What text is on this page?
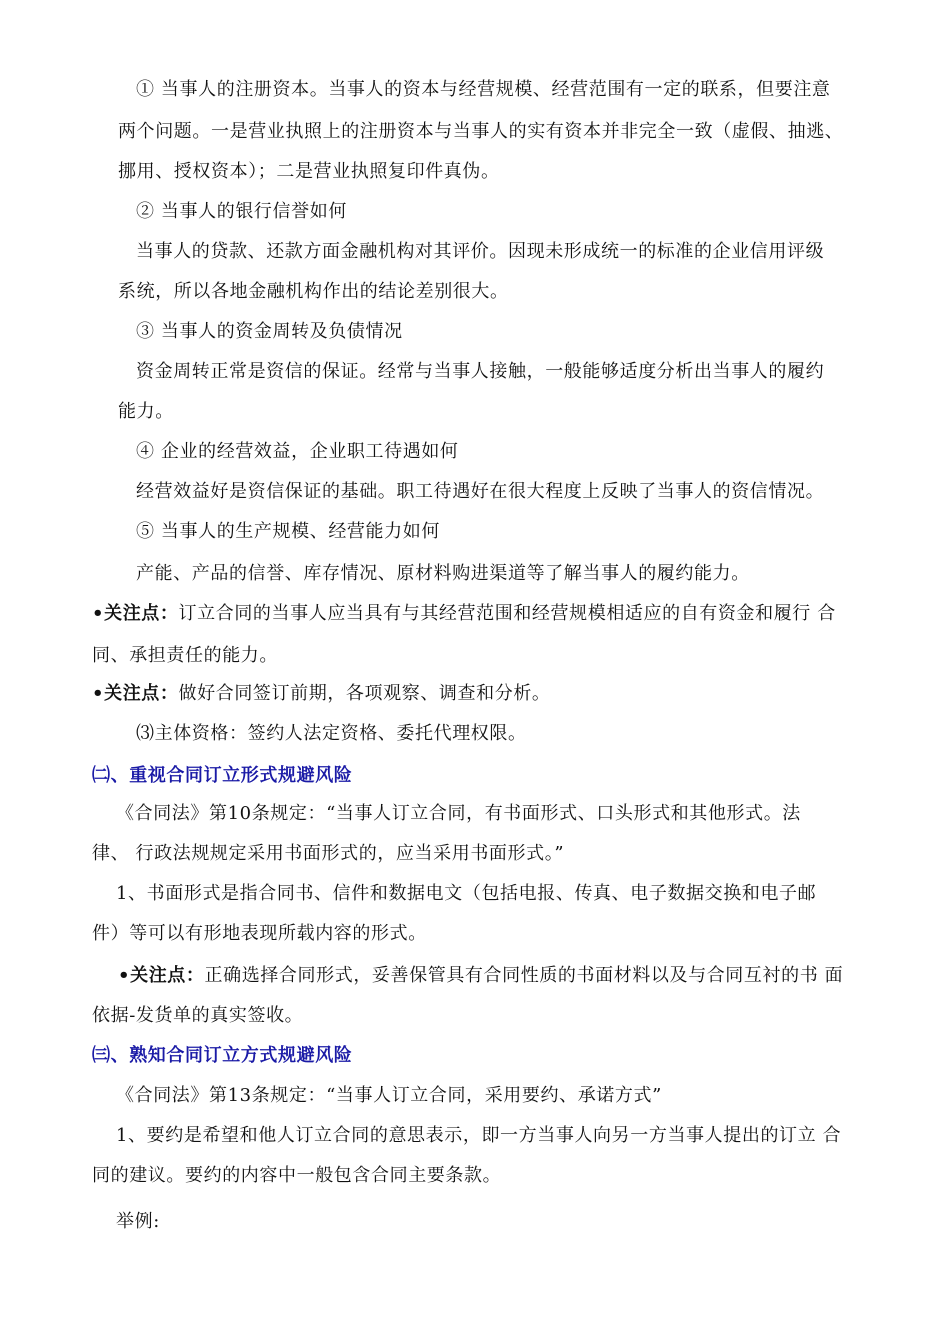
① 当事人的注册资本。当事人的资本与经营规模、经营范围有一定的联系，但要注意
两个问题。一是营业执照上的注册资本与当事人的实有资本并非完全一致（虚假、抽逃、
挪用、授权资本）；二是营业执照复印件真伪。
② 当事人的银行信誉如何
当事人的贷款、还款方面金融机构对其评价。因现未形成统一的标准的企业信用评级
系统，所以各地金融机构作出的结论差别很大。
③ 当事人的资金周转及负债情况
资金周转正常是资信的保证。经常与当事人接触，一般能够适度分析出当事人的履约
能力。
④ 企业的经营效益，企业职工待遇如何
经营效益好是资信保证的基础。职工待遇好在很大程度上反映了当事人的资信情况。
⑤ 当事人的生产规模、经营能力如何
产能、产品的信誉、库存情况、原材料购进渠道等了解当事人的履约能力。
•关注点：订立合同的当事人应当具有与其经营范围和经营规模相适应的自有资金和履行 合
同、承担责任的能力。
•关注点：做好合同签订前期，各项观察、调查和分析。
⑶主体资格：签约人法定资格、委托代理权限。
㈡、重视合同订立形式规避风险
《合同法》第10条规定：“当事人订立合同，有书面形式、口头形式和其他形式。法
律、 行政法规规定采用书面形式的，应当采用书面形式。”
1、书面形式是指合同书、信件和数据电文（包括电报、传真、电子数据交换和电子邮
件）等可以有形地表现所载内容的形式。
•关注点：正确选择合同形式，妥善保管具有合同性质的书面材料以及与合同互衬的书 面
依据-发货单的真实签收。
㈢、熟知合同订立方式规避风险
《合同法》第13条规定：“当事人订立合同，采用要约、承诺方式”
1、要约是希望和他人订立合同的意思表示，即一方当事人向另一方当事人提出的订立 合
同的建议。要约的内容中一般包含合同主要条款。
举例:
